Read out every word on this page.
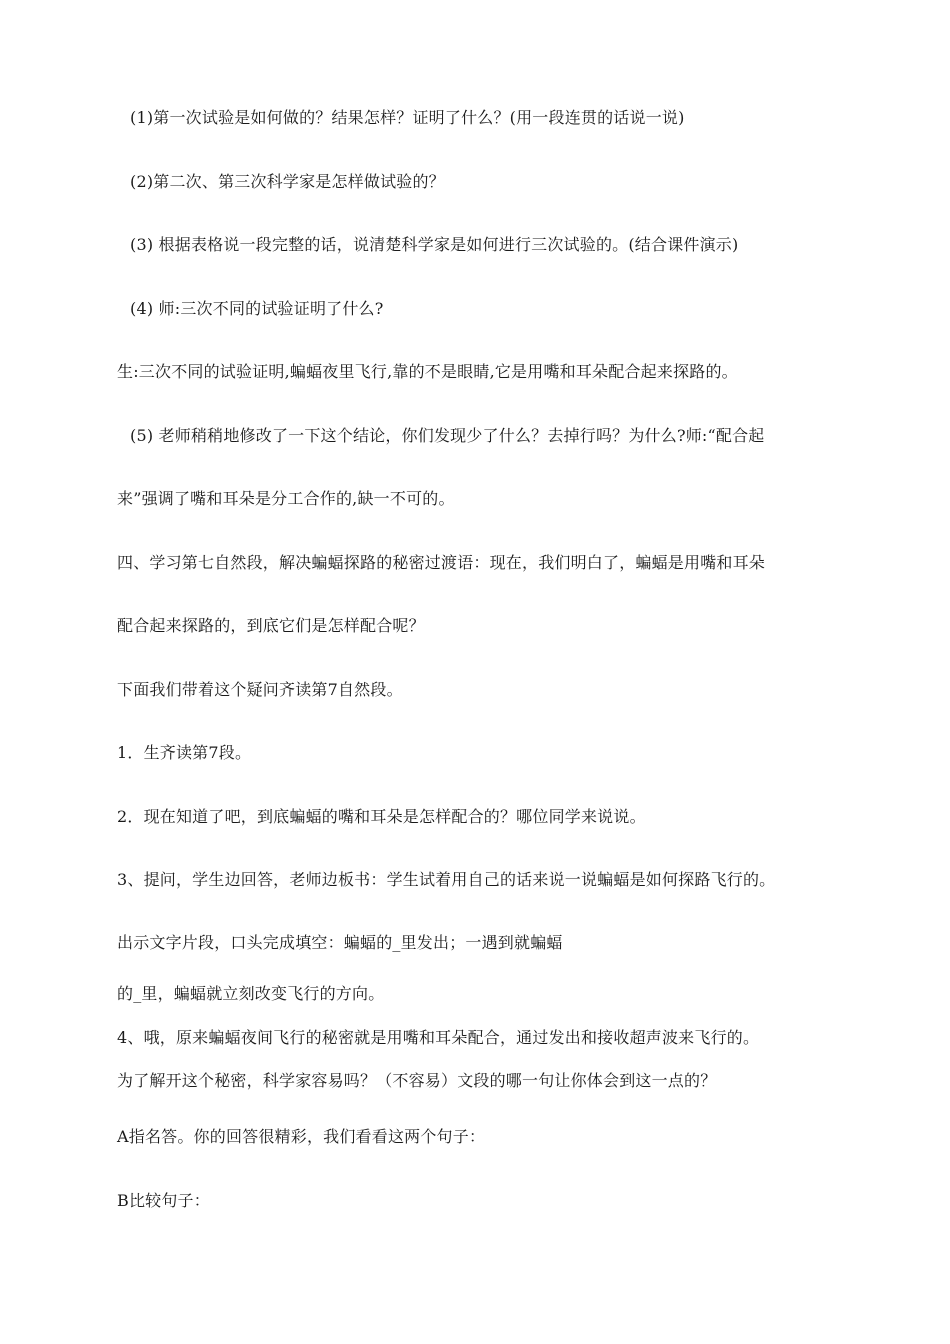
(1)第一次试验是如何做的？结果怎样？证明了什么？(用一段连贯的话说一说)

(2)第二次、第三次科学家是怎样做试验的？

(3) 根据表格说一段完整的话，说清楚科学家是如何进行三次试验的。(结合课件演示)

(4) 师:三次不同的试验证明了什么?

生:三次不同的试验证明,蝙蝠夜里飞行,靠的不是眼睛,它是用嘴和耳朵配合起来探路的。

(5) 老师稍稍地修改了一下这个结论，你们发现少了什么？去掉行吗？为什么?师:“配合起

来”强调了嘴和耳朵是分工合作的,缺一不可的。

四、学习第七自然段，解决蝙蝠探路的秘密过渡语：现在，我们明白了，蝙蝠是用嘴和耳朵

配合起来探路的，到底它们是怎样配合呢？

下面我们带着这个疑问齐读第7自然段。

1．生齐读第7段。

2．现在知道了吧，到底蝙蝠的嘴和耳朵是怎样配合的？哪位同学来说说。

3、提问，学生边回答，老师边板书：学生试着用自己的话来说一说蝙蝠是如何探路飞行的。

出示文字片段，口头完成填空：蝙蝠的_里发出；一遇到就蝙蝠

的_里，蝙蝠就立刻改变飞行的方向。

4、哦，原来蝙蝠夜间飞行的秘密就是用嘴和耳朵配合，通过发出和接收超声波来飞行的。

为了解开这个秘密，科学家容易吗？（不容易）文段的哪一句让你体会到这一点的？

A指名答。你的回答很精彩，我们看看这两个句子：

B比较句子：
